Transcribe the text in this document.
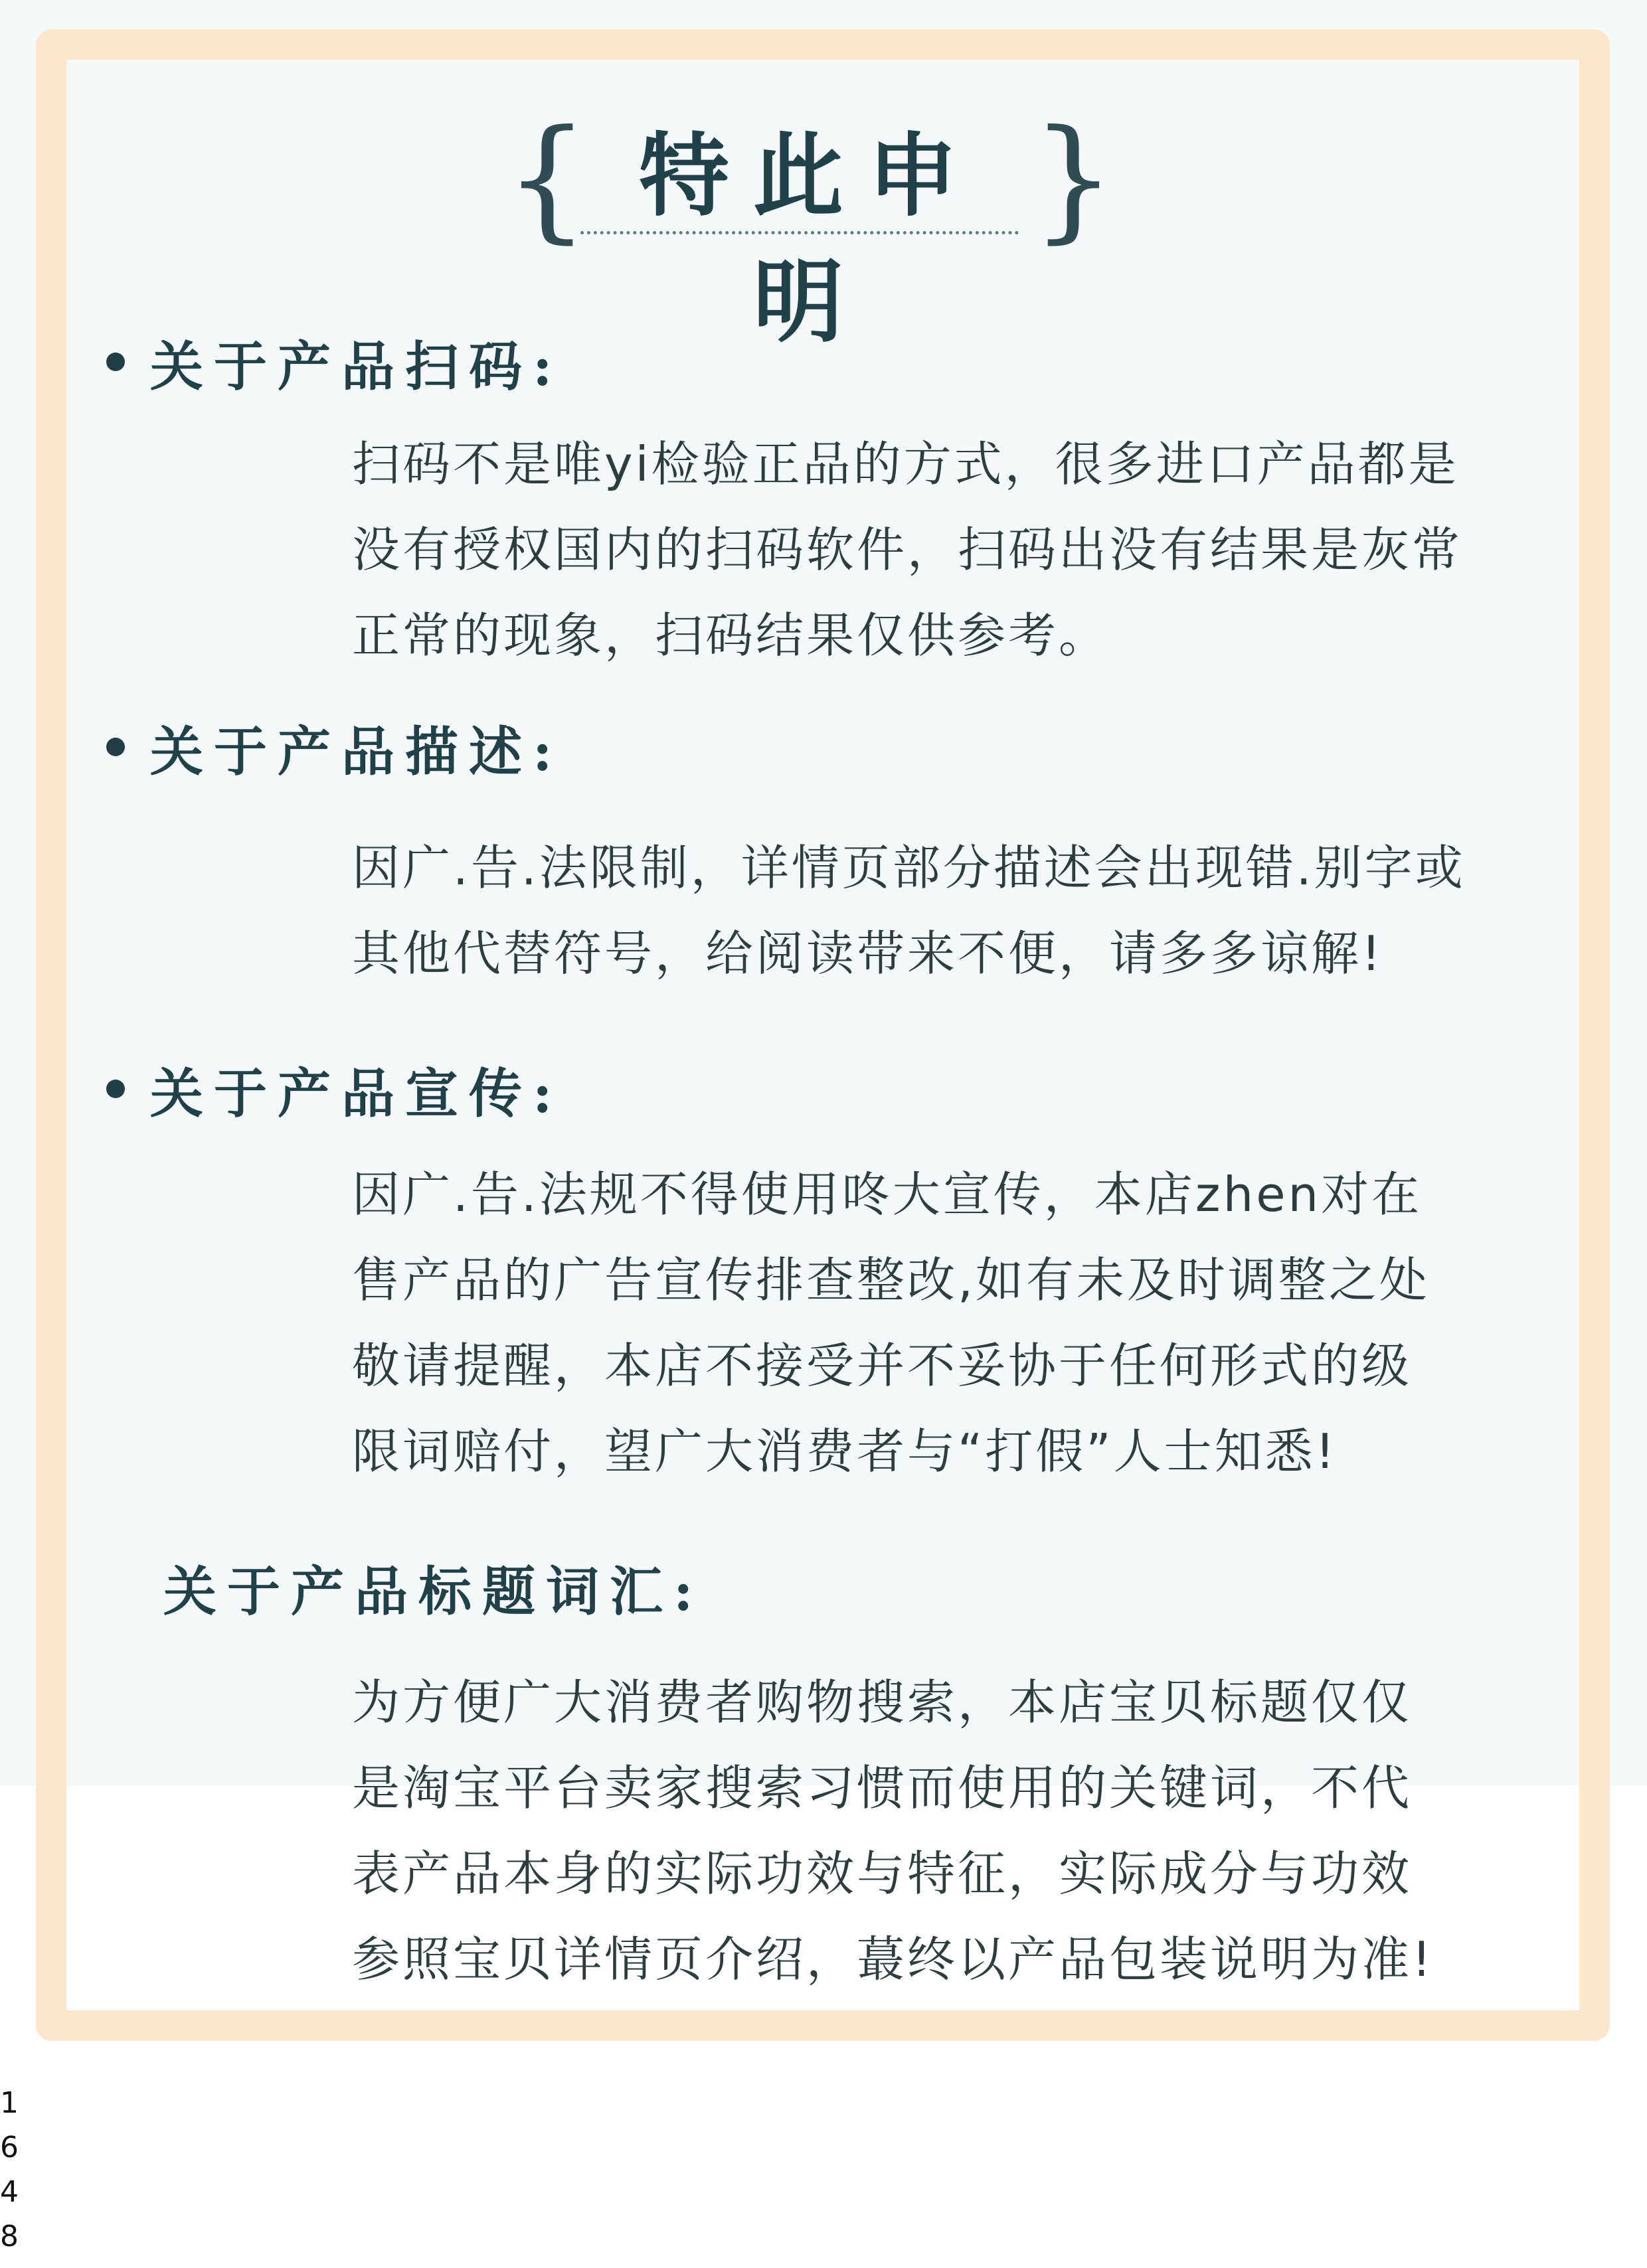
{ 特此申明
}
关于产品扫码:
扫码不是唯yi检验正品的方式，很多进口产品都是
没有授权国内的扫码软件，扫码出没有结果是灰常
正常的现象，扫码结果仅供参考。
关于产品描述:
因广.告.法限制，详情页部分描述会出现错.别字或
其他代替符号，给阅读带来不便，请多多谅解!
关于产品宣传:
因广.告.法规不得使用咚大宣传，本店zhen对在
售产品的广告宣传排查整改,如有未及时调整之处
敬请提醒，本店不接受并不妥协于任何形式的级
限词赔付，望广大消费者与“打假”人士知悉!
关于产品标题词汇:
为方便广大消费者购物搜索，本店宝贝标题仅仅
是淘宝平台卖家搜索习惯而使用的关键词，不代
表产品本身的实际功效与特征，实际成分与功效
参照宝贝详情页介绍，蕞终以产品包装说明为准!
1
6
4
8
